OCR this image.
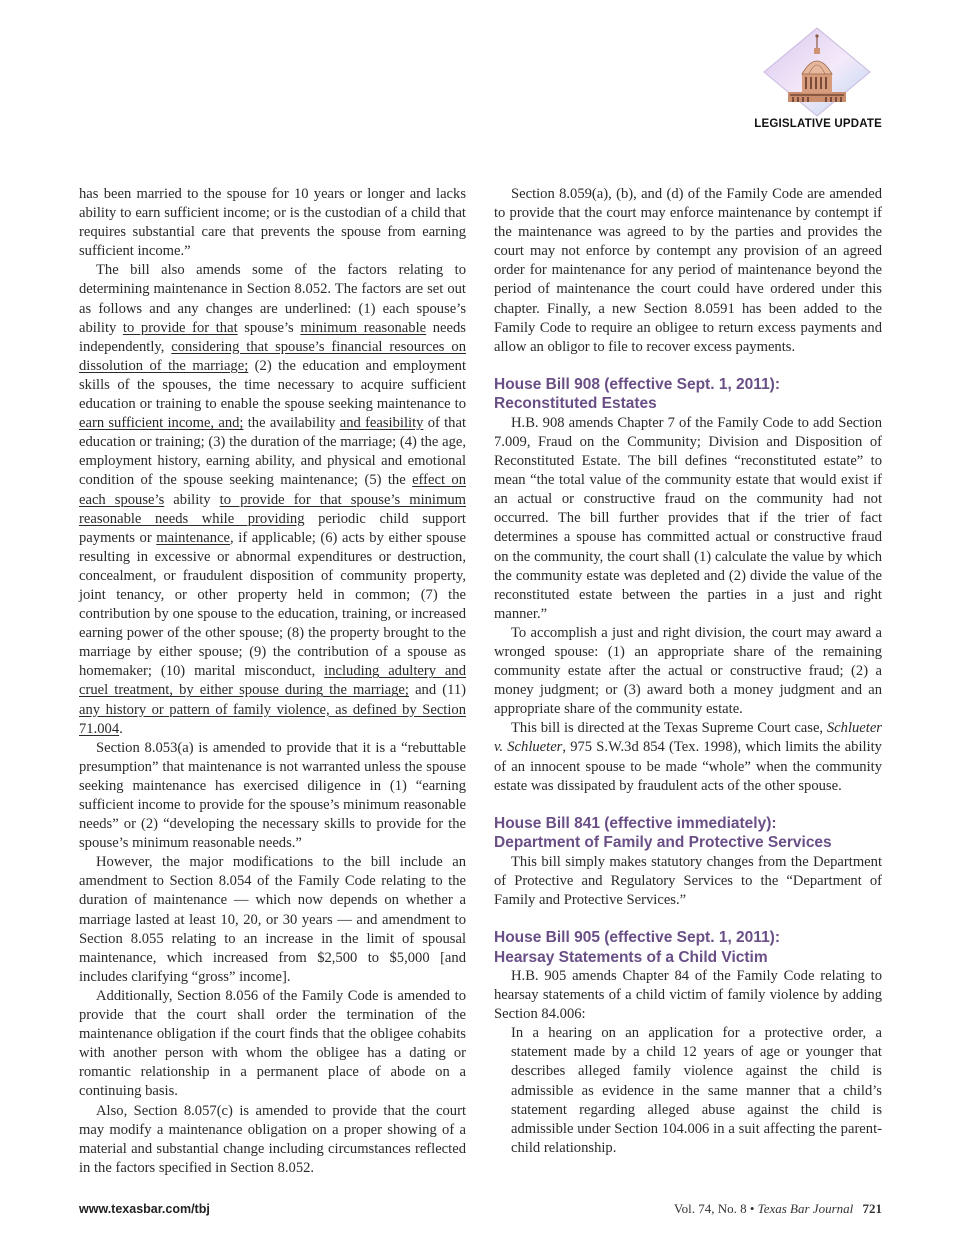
LEGISLATIVE UPDATE

has been married to the spouse for 10 years or longer and lacks ability to earn sufficient income; or is the custodian of a child that requires substantial care that prevents the spouse from earning sufficient income.”

The bill also amends some of the factors relating to determining maintenance in Section 8.052. The factors are set out as follows and any changes are underlined: (1) each spouse’s ability to provide for that spouse’s minimum reasonable needs independently, considering that spouse’s financial resources on dissolution of the marriage; (2) the education and employment skills of the spouses, the time necessary to acquire sufficient education or training to enable the spouse seeking maintenance to earn sufficient income, and; the availability and feasibility of that education or training; (3) the duration of the marriage; (4) the age, employment history, earning ability, and physical and emotional condition of the spouse seeking maintenance; (5) the effect on each spouse’s ability to provide for that spouse’s minimum reasonable needs while providing periodic child support payments or maintenance, if applicable; (6) acts by either spouse resulting in excessive or abnormal expenditures or destruction, concealment, or fraudulent disposition of community property, joint tenancy, or other property held in common; (7) the contribution by one spouse to the education, training, or increased earning power of the other spouse; (8) the property brought to the marriage by either spouse; (9) the contribution of a spouse as homemaker; (10) marital misconduct, including adultery and cruel treatment, by either spouse during the marriage; and (11) any history or pattern of family violence, as defined by Section 71.004.

Section 8.053(a) is amended to provide that it is a “rebuttable presumption” that maintenance is not warranted unless the spouse seeking maintenance has exercised diligence in (1) “earning sufficient income to provide for the spouse’s minimum reasonable needs” or (2) “developing the necessary skills to provide for the spouse’s minimum reasonable needs.”

However, the major modifications to the bill include an amendment to Section 8.054 of the Family Code relating to the duration of maintenance — which now depends on whether a marriage lasted at least 10, 20, or 30 years — and amendment to Section 8.055 relating to an increase in the limit of spousal maintenance, which increased from $2,500 to $5,000 [and includes clarifying “gross” income].

Additionally, Section 8.056 of the Family Code is amended to provide that the court shall order the termination of the maintenance obligation if the court finds that the obligee cohabits with another person with whom the obligee has a dating or romantic relationship in a permanent place of abode on a continuing basis.

Also, Section 8.057(c) is amended to provide that the court may modify a maintenance obligation on a proper showing of a material and substantial change including circumstances reflected in the factors specified in Section 8.052.

Section 8.059(a), (b), and (d) of the Family Code are amended to provide that the court may enforce maintenance by contempt if the maintenance was agreed to by the parties and provides the court may not enforce by contempt any provision of an agreed order for maintenance for any period of maintenance beyond the period of maintenance the court could have ordered under this chapter. Finally, a new Section 8.0591 has been added to the Family Code to require an obligee to return excess payments and allow an obligor to file to recover excess payments.

House Bill 908 (effective Sept. 1, 2011):
Reconstituted Estates

H.B. 908 amends Chapter 7 of the Family Code to add Section 7.009, Fraud on the Community; Division and Disposition of Reconstituted Estate. The bill defines “reconstituted estate” to mean “the total value of the community estate that would exist if an actual or constructive fraud on the community had not occurred. The bill further provides that if the trier of fact determines a spouse has committed actual or constructive fraud on the community, the court shall (1) calculate the value by which the community estate was depleted and (2) divide the value of the reconstituted estate between the parties in a just and right manner.”

To accomplish a just and right division, the court may award a wronged spouse: (1) an appropriate share of the remaining community estate after the actual or constructive fraud; (2) a money judgment; or (3) award both a money judgment and an appropriate share of the community estate.

This bill is directed at the Texas Supreme Court case, Schlueter v. Schlueter, 975 S.W.3d 854 (Tex. 1998), which limits the ability of an innocent spouse to be made “whole” when the community estate was dissipated by fraudulent acts of the other spouse.

House Bill 841 (effective immediately):
Department of Family and Protective Services

This bill simply makes statutory changes from the Department of Protective and Regulatory Services to the “Department of Family and Protective Services.”

House Bill 905 (effective Sept. 1, 2011):
Hearsay Statements of a Child Victim

H.B. 905 amends Chapter 84 of the Family Code relating to hearsay statements of a child victim of family violence by adding Section 84.006:

In a hearing on an application for a protective order, a statement made by a child 12 years of age or younger that describes alleged family violence against the child is admissible as evidence in the same manner that a child’s statement regarding alleged abuse against the child is admissible under Section 104.006 in a suit affecting the parent-child relationship.
www.texasbar.com/tbj	Vol. 74, No. 8 • Texas Bar Journal 721
